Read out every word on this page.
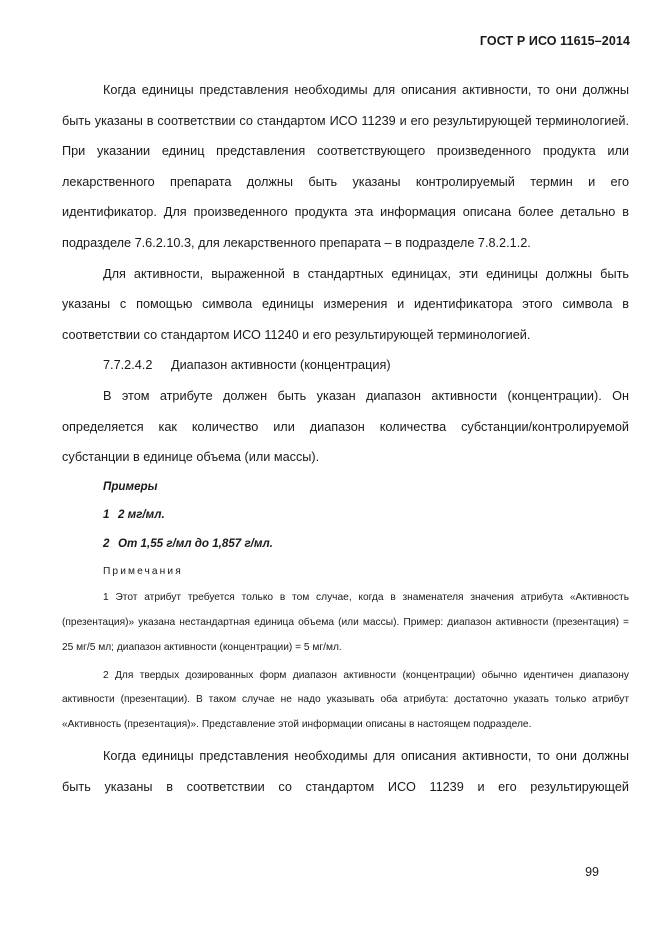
ГОСТ Р ИСО 11615–2014

Когда единицы представления необходимы для описания активности, то они должны быть указаны в соответствии со стандартом ИСО 11239 и его результирующей терминологией. При указании единиц представления соответствующего произведенного продукта или лекарственного препарата должны быть указаны контролируемый термин и его идентификатор. Для произведенного продукта эта информация описана более детально в подразделе 7.6.2.10.3, для лекарственного препарата – в подразделе 7.8.2.1.2.

Для активности, выраженной в стандартных единицах, эти единицы должны быть указаны с помощью символа единицы измерения и идентификатора этого символа в соответствии со стандартом ИСО 11240 и его результирующей терминологией.

7.7.2.4.2 Диапазон активности (концентрация)

В этом атрибуте должен быть указан диапазон активности (концентрации). Он определяется как количество или диапазон количества субстанции/контролируемой субстанции в единице объема (или массы).

Примеры

1 2 мг/мл.

2 От 1,55 г/мл до 1,857 г/мл.

Примечания

1 Этот атрибут требуется только в том случае, когда в знаменателя значения атрибута «Активность (презентация)» указана нестандартная единица объема (или массы). Пример: диапазон активности (презентация) = 25 мг/5 мл; диапазон активности (концентрации) = 5 мг/мл.

2 Для твердых дозированных форм диапазон активности (концентрации) обычно идентичен диапазону активности (презентации). В таком случае не надо указывать оба атрибута: достаточно указать только атрибут «Активность (презентация)». Представление этой информации описаны в настоящем подразделе.

Когда единицы представления необходимы для описания активности, то они должны быть указаны в соответствии со стандартом ИСО 11239 и его результирующей

99
